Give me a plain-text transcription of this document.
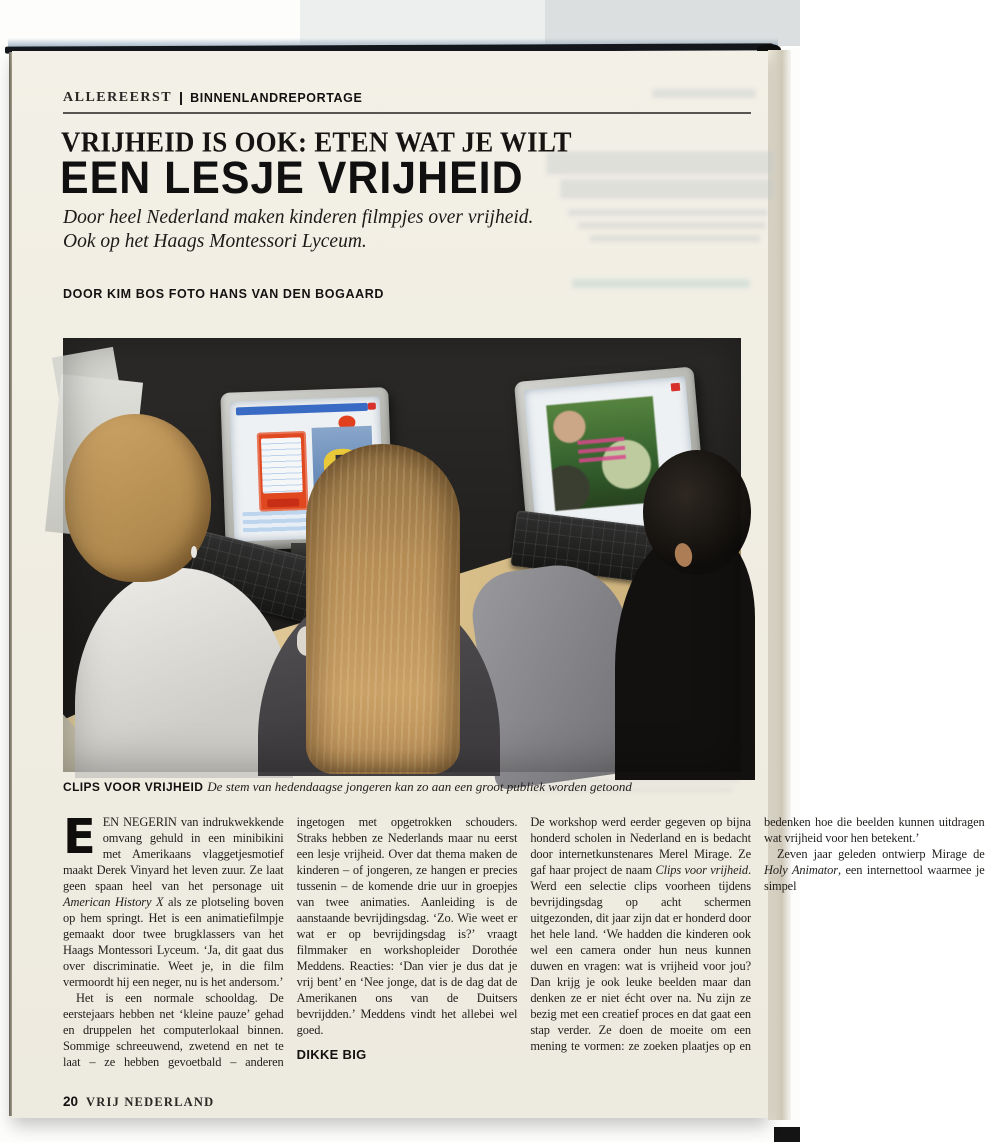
ALLEREERST BINNENLANDREPORTAGE
VRIJHEID IS OOK: ETEN WAT JE WILT
EEN LESJE VRIJHEID
Door heel Nederland maken kinderen filmpjes over vrijheid.
Ook op het Haags Montessori Lyceum.
DOOR KIM BOS FOTO HANS VAN DEN BOGAARD
CLIPS VOOR VRIJHEID De stem van hedendaagse jongeren kan zo aan een groot publiek worden getoond

EEN NEGERIN van indrukwekkende omvang gehuld in een minibikini met Amerikaans vlaggetjesmotief maakt Derek Vinyard het leven zuur. Ze laat geen spaan heel van het personage uit American History X als ze plotseling boven op hem springt. Het is een animatiefilmpje gemaakt door twee brugklassers van het Haags Montessori Lyceum. ‘Ja, dit gaat dus over discriminatie. Weet je, in die film vermoordt hij een neger, nu is het andersom.’

Het is een normale schooldag. De eerstejaars hebben net ‘kleine pauze’ gehad en druppelen het computerlokaal binnen. Sommige schreeuwend, zwetend en net te laat – ze hebben gevoetbald – anderen ingetogen met opgetrokken schouders. Straks hebben ze Nederlands maar nu eerst een lesje vrijheid. Over dat thema maken de kinderen – of jongeren, ze hangen er precies tussenin – de komende drie uur in groepjes van twee animaties. Aanleiding is de aanstaande bevrijdingsdag. ‘Zo. Wie weet er wat er op bevrijdingsdag is?’ vraagt filmmaker en workshopleider Dorothée Meddens. Reacties: ‘Dan vier je dus dat je vrij bent’ en ‘Nee jonge, dat is de dag dat de Amerikanen ons van de Duitsers bevrijdden.’ Meddens vindt het allebei wel goed.

DIKKE BIG

De workshop werd eerder gegeven op bijna honderd scholen in Nederland en is bedacht door internetkunstenares Merel Mirage. Ze gaf haar project de naam Clips voor vrijheid. Werd een selectie clips voorheen tijdens bevrijdingsdag op acht schermen uitgezonden, dit jaar zijn dat er honderd door het hele land. ‘We hadden die kinderen ook wel een camera onder hun neus kunnen duwen en vragen: wat is vrijheid voor jou? Dan krijg je ook leuke beelden maar dan denken ze er niet écht over na. Nu zijn ze bezig met een creatief proces en dat gaat een stap verder. Ze doen de moeite om een mening te vormen: ze zoeken plaatjes op en bedenken hoe die beelden kunnen uitdragen wat vrijheid voor hen betekent.’

Zeven jaar geleden ontwierp Mirage de Holy Animator, een internettool waarmee je simpel

20 VRIJ NEDERLAND
